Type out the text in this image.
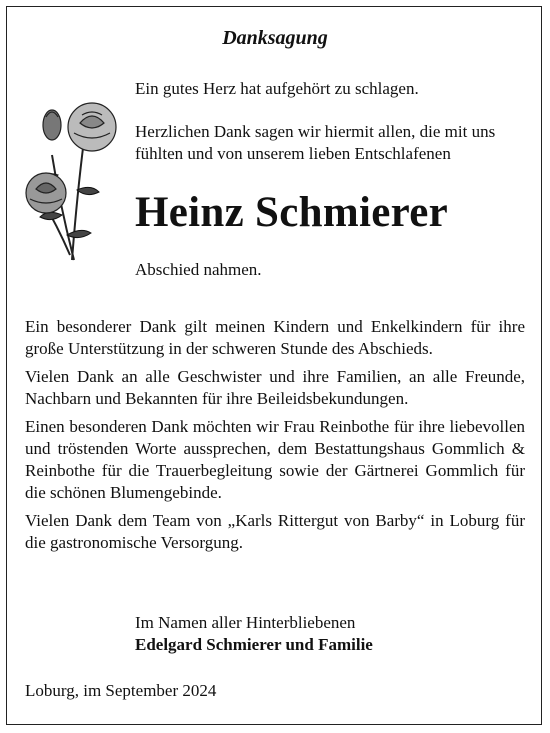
Danksagung

Ein gutes Herz hat aufgehört zu schlagen.

Herzlichen Dank sagen wir hiermit allen, die mit uns fühlten und von unserem lieben Entschlafenen

Heinz Schmierer

Abschied nahmen.

Ein besonderer Dank gilt meinen Kindern und Enkelkindern für ihre große Unterstützung in der schweren Stunde des Abschieds.

Vielen Dank an alle Geschwister und ihre Familien, an alle Freunde, Nachbarn und Bekannten für ihre Beileidsbekundungen.

Einen besonderen Dank möchten wir Frau Reinbothe für ihre liebevollen und tröstenden Worte aussprechen, dem Bestattungshaus Gommlich & Reinbothe für die Trauerbegleitung sowie der Gärtnerei Gommlich für die schönen Blumengebinde.

Vielen Dank dem Team von „Karls Rittergut von Barby“ in Loburg für die gastronomische Versorgung.

Im Namen aller Hinterbliebenen
Edelgard Schmierer und Familie
Loburg, im September 2024
